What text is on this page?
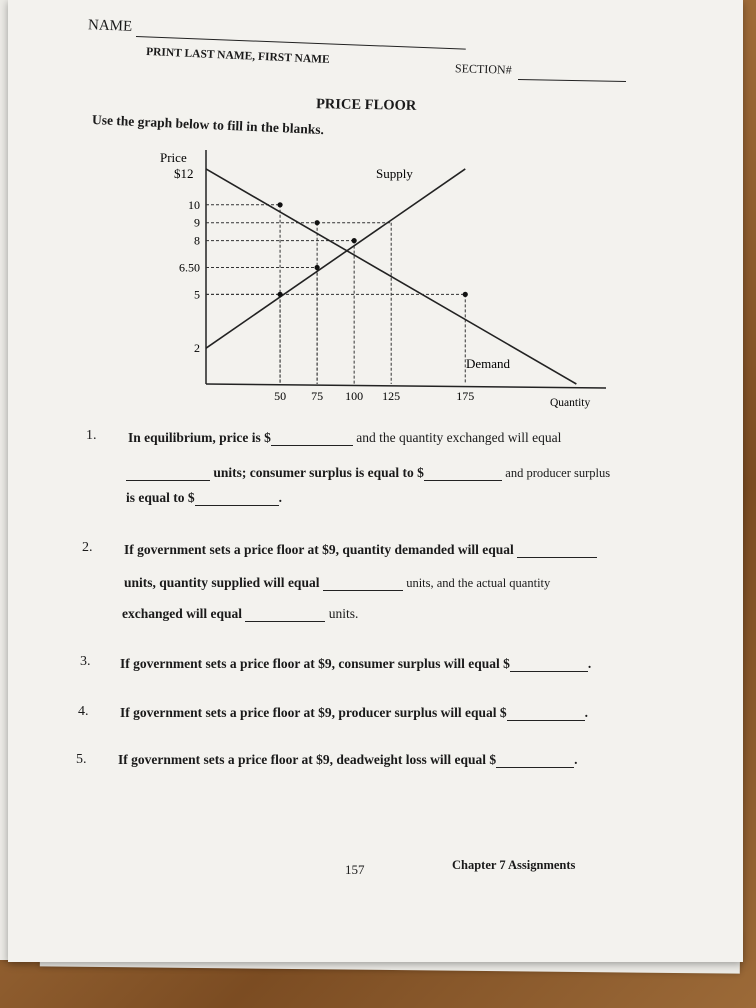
NAME
PRINT LAST NAME, FIRST NAME
SECTION#
PRICE FLOOR
Use the graph below to fill in the blanks.
Price
$12
10
9
8
6.50
5
2
50 75 100 125	175
Supply
Demand
Quantity
1. In equilibrium, price is $	and the quantity exchanged will equal
units; consumer surplus is equal to $	and producer surplus
is equal to $	.
2. If government sets a price floor at $9, quantity demanded will equal
units, quantity supplied will equal	units, and the actual quantity
exchanged will equal	units.
3. If government sets a price floor at $9, consumer surplus will equal $	.
4. If government sets a price floor at $9, producer surplus will equal $	.
5. If government sets a price floor at $9, deadweight loss will equal $	.
157	Chapter 7 Assignments
